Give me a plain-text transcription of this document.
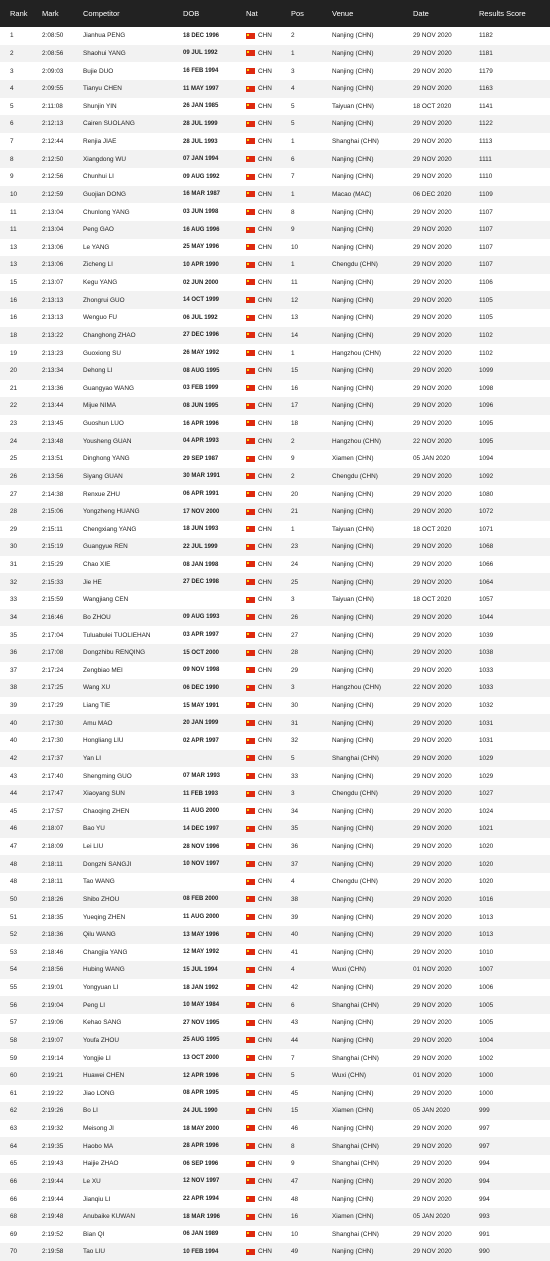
Rank	Mark	Competitor	DOB	Nat	Pos	Venue	Date	Results Score
1	2:08:50	Jianhua PENG	18 DEC 1996	CHN	2	Nanjing (CHN)	29 NOV 2020	1182
2	2:08:56	Shaohui YANG	09 JUL 1992	CHN	1	Nanjing (CHN)	29 NOV 2020	1181
3	2:09:03	Bujie DUO	16 FEB 1994	CHN	3	Nanjing (CHN)	29 NOV 2020	1179
4	2:09:55	Tianyu CHEN	11 MAY 1997	CHN	4	Nanjing (CHN)	29 NOV 2020	1163
5	2:11:08	Shunjin YIN	26 JAN 1985	CHN	5	Taiyuan (CHN)	18 OCT 2020	1141
6	2:12:13	Cairen SUOLANG	28 JUL 1999	CHN	5	Nanjing (CHN)	29 NOV 2020	1122
7	2:12:44	Renjia JIAE	28 JUL 1993	CHN	1	Shanghai (CHN)	29 NOV 2020	1113
8	2:12:50	Xiangdong WU	07 JAN 1994	CHN	6	Nanjing (CHN)	29 NOV 2020	1111
9	2:12:56	Chunhui LI	09 AUG 1992	CHN	7	Nanjing (CHN)	29 NOV 2020	1110
10	2:12:59	Guojian DONG	16 MAR 1987	CHN	1	Macao (MAC)	06 DEC 2020	1109
11	2:13:04	Chunlong YANG	03 JUN 1998	CHN	8	Nanjing (CHN)	29 NOV 2020	1107
11	2:13:04	Peng GAO	16 AUG 1996	CHN	9	Nanjing (CHN)	29 NOV 2020	1107
13	2:13:06	Le YANG	25 MAY 1996	CHN	10	Nanjing (CHN)	29 NOV 2020	1107
13	2:13:06	Zicheng LI	10 APR 1990	CHN	1	Chengdu (CHN)	29 NOV 2020	1107
15	2:13:07	Kegu YANG	02 JUN 2000	CHN	11	Nanjing (CHN)	29 NOV 2020	1106
16	2:13:13	Zhongrui GUO	14 OCT 1999	CHN	12	Nanjing (CHN)	29 NOV 2020	1105
16	2:13:13	Wenguo FU	06 JUL 1992	CHN	13	Nanjing (CHN)	29 NOV 2020	1105
18	2:13:22	Changhong ZHAO	27 DEC 1996	CHN	14	Nanjing (CHN)	29 NOV 2020	1102
19	2:13:23	Guoxiong SU	26 MAY 1992	CHN	1	Hangzhou (CHN)	22 NOV 2020	1102
20	2:13:34	Dehong LI	08 AUG 1995	CHN	15	Nanjing (CHN)	29 NOV 2020	1099
21	2:13:36	Guangyao WANG	03 FEB 1999	CHN	16	Nanjing (CHN)	29 NOV 2020	1098
22	2:13:44	Mijue NIMA	08 JUN 1995	CHN	17	Nanjing (CHN)	29 NOV 2020	1096
23	2:13:45	Guoshun LUO	16 APR 1996	CHN	18	Nanjing (CHN)	29 NOV 2020	1095
24	2:13:48	Yousheng GUAN	04 APR 1993	CHN	2	Hangzhou (CHN)	22 NOV 2020	1095
25	2:13:51	Dinghong YANG	29 SEP 1987	CHN	9	Xiamen (CHN)	05 JAN 2020	1094
26	2:13:56	Siyang GUAN	30 MAR 1991	CHN	2	Chengdu (CHN)	29 NOV 2020	1092
27	2:14:38	Renxue ZHU	06 APR 1991	CHN	20	Nanjing (CHN)	29 NOV 2020	1080
28	2:15:06	Yongzheng HUANG	17 NOV 2000	CHN	21	Nanjing (CHN)	29 NOV 2020	1072
29	2:15:11	Chengxiang YANG	18 JUN 1993	CHN	1	Taiyuan (CHN)	18 OCT 2020	1071
30	2:15:19	Guangyue REN	22 JUL 1999	CHN	23	Nanjing (CHN)	29 NOV 2020	1068
31	2:15:29	Chao XIE	08 JAN 1998	CHN	24	Nanjing (CHN)	29 NOV 2020	1066
32	2:15:33	Jie HE	27 DEC 1998	CHN	25	Nanjing (CHN)	29 NOV 2020	1064
33	2:15:59	Wangjiang CEN		CHN	3	Taiyuan (CHN)	18 OCT 2020	1057
34	2:16:46	Bo ZHOU	09 AUG 1993	CHN	26	Nanjing (CHN)	29 NOV 2020	1044
35	2:17:04	Tuluabulei TUOLIEHAN	03 APR 1997	CHN	27	Nanjing (CHN)	29 NOV 2020	1039
36	2:17:08	Dongzhibu RENQING	15 OCT 2000	CHN	28	Nanjing (CHN)	29 NOV 2020	1038
37	2:17:24	Zengbiao MEI	09 NOV 1998	CHN	29	Nanjing (CHN)	29 NOV 2020	1033
38	2:17:25	Wang XU	06 DEC 1990	CHN	3	Hangzhou (CHN)	22 NOV 2020	1033
39	2:17:29	Liang TIE	15 MAY 1991	CHN	30	Nanjing (CHN)	29 NOV 2020	1032
40	2:17:30	Amu MAO	20 JAN 1999	CHN	31	Nanjing (CHN)	29 NOV 2020	1031
40	2:17:30	Hongliang LIU	02 APR 1997	CHN	32	Nanjing (CHN)	29 NOV 2020	1031
42	2:17:37	Yan LI		CHN	5	Shanghai (CHN)	29 NOV 2020	1029
43	2:17:40	Shengming GUO	07 MAR 1993	CHN	33	Nanjing (CHN)	29 NOV 2020	1029
44	2:17:47	Xiaoyang SUN	11 FEB 1993	CHN	3	Chengdu (CHN)	29 NOV 2020	1027
45	2:17:57	Chaoqing ZHEN	11 AUG 2000	CHN	34	Nanjing (CHN)	29 NOV 2020	1024
46	2:18:07	Bao YU	14 DEC 1997	CHN	35	Nanjing (CHN)	29 NOV 2020	1021
47	2:18:09	Lei LIU	28 NOV 1996	CHN	36	Nanjing (CHN)	29 NOV 2020	1020
48	2:18:11	Dongzhi SANGJI	10 NOV 1997	CHN	37	Nanjing (CHN)	29 NOV 2020	1020
48	2:18:11	Tao WANG		CHN	4	Chengdu (CHN)	29 NOV 2020	1020
50	2:18:26	Shibo ZHOU	08 FEB 2000	CHN	38	Nanjing (CHN)	29 NOV 2020	1016
51	2:18:35	Yueqing ZHEN	11 AUG 2000	CHN	39	Nanjing (CHN)	29 NOV 2020	1013
52	2:18:36	Qilu WANG	13 MAY 1996	CHN	40	Nanjing (CHN)	29 NOV 2020	1013
53	2:18:46	Changjia YANG	12 MAY 1992	CHN	41	Nanjing (CHN)	29 NOV 2020	1010
54	2:18:56	Hubing WANG	15 JUL 1994	CHN	4	Wuxi (CHN)	01 NOV 2020	1007
55	2:19:01	Yongyuan LI	18 JAN 1992	CHN	42	Nanjing (CHN)	29 NOV 2020	1006
56	2:19:04	Peng LI	10 MAY 1984	CHN	6	Shanghai (CHN)	29 NOV 2020	1005
57	2:19:06	Kehao SANG	27 NOV 1995	CHN	43	Nanjing (CHN)	29 NOV 2020	1005
58	2:19:07	Youfa ZHOU	25 AUG 1995	CHN	44	Nanjing (CHN)	29 NOV 2020	1004
59	2:19:14	Yongjie LI	13 OCT 2000	CHN	7	Shanghai (CHN)	29 NOV 2020	1002
60	2:19:21	Huawei CHEN	12 APR 1996	CHN	5	Wuxi (CHN)	01 NOV 2020	1000
61	2:19:22	Jiao LONG	08 APR 1995	CHN	45	Nanjing (CHN)	29 NOV 2020	1000
62	2:19:26	Bo LI	24 JUL 1990	CHN	15	Xiamen (CHN)	05 JAN 2020	999
63	2:19:32	Meisong JI	18 MAY 2000	CHN	46	Nanjing (CHN)	29 NOV 2020	997
64	2:19:35	Haobo MA	28 APR 1996	CHN	8	Shanghai (CHN)	29 NOV 2020	997
65	2:19:43	Haijie ZHAO	06 SEP 1996	CHN	9	Shanghai (CHN)	29 NOV 2020	994
66	2:19:44	Le XU	12 NOV 1997	CHN	47	Nanjing (CHN)	29 NOV 2020	994
66	2:19:44	Jianqiu LI	22 APR 1994	CHN	48	Nanjing (CHN)	29 NOV 2020	994
68	2:19:48	Anubaike KUWAN	18 MAR 1996	CHN	16	Xiamen (CHN)	05 JAN 2020	993
69	2:19:52	Bian QI	06 JAN 1989	CHN	10	Shanghai (CHN)	29 NOV 2020	991
70	2:19:58	Tao LIU	10 FEB 1994	CHN	49	Nanjing (CHN)	29 NOV 2020	990
